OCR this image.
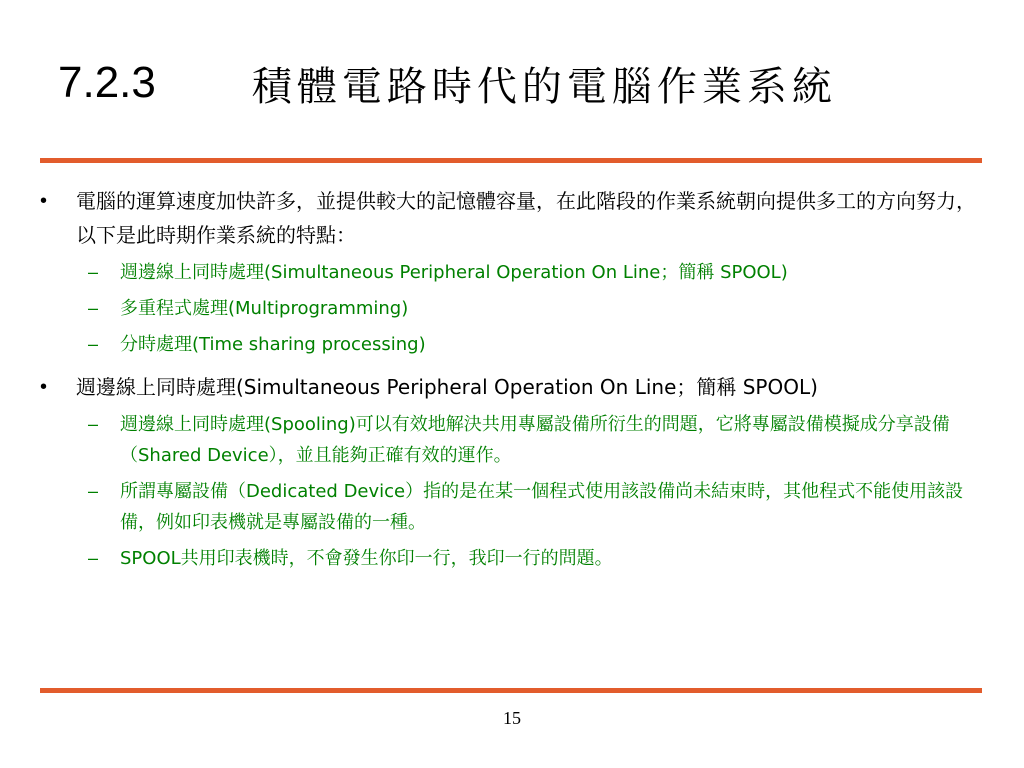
7.2.3 積體電路時代的電腦作業系統
• 電腦的運算速度加快許多，並提供較大的記憶體容量，在此階段的作業系統朝向提供多工的方向努力，以下是此時期作業系統的特點：
– 週邊線上同時處理(Simultaneous Peripheral Operation On Line；簡稱 SPOOL)
– 多重程式處理(Multiprogramming)
– 分時處理(Time sharing processing)
• 週邊線上同時處理(Simultaneous Peripheral Operation On Line；簡稱 SPOOL)
– 週邊線上同時處理(Spooling)可以有效地解決共用專屬設備所衍生的問題，它將專屬設備模擬成分享設備（Shared Device），並且能夠正確有效的運作。
– 所謂專屬設備（Dedicated Device）指的是在某一個程式使用該設備尚未結束時，其他程式不能使用該設備，例如印表機就是專屬設備的一種。
– SPOOL共用印表機時，不會發生你印一行，我印一行的問題。
15
